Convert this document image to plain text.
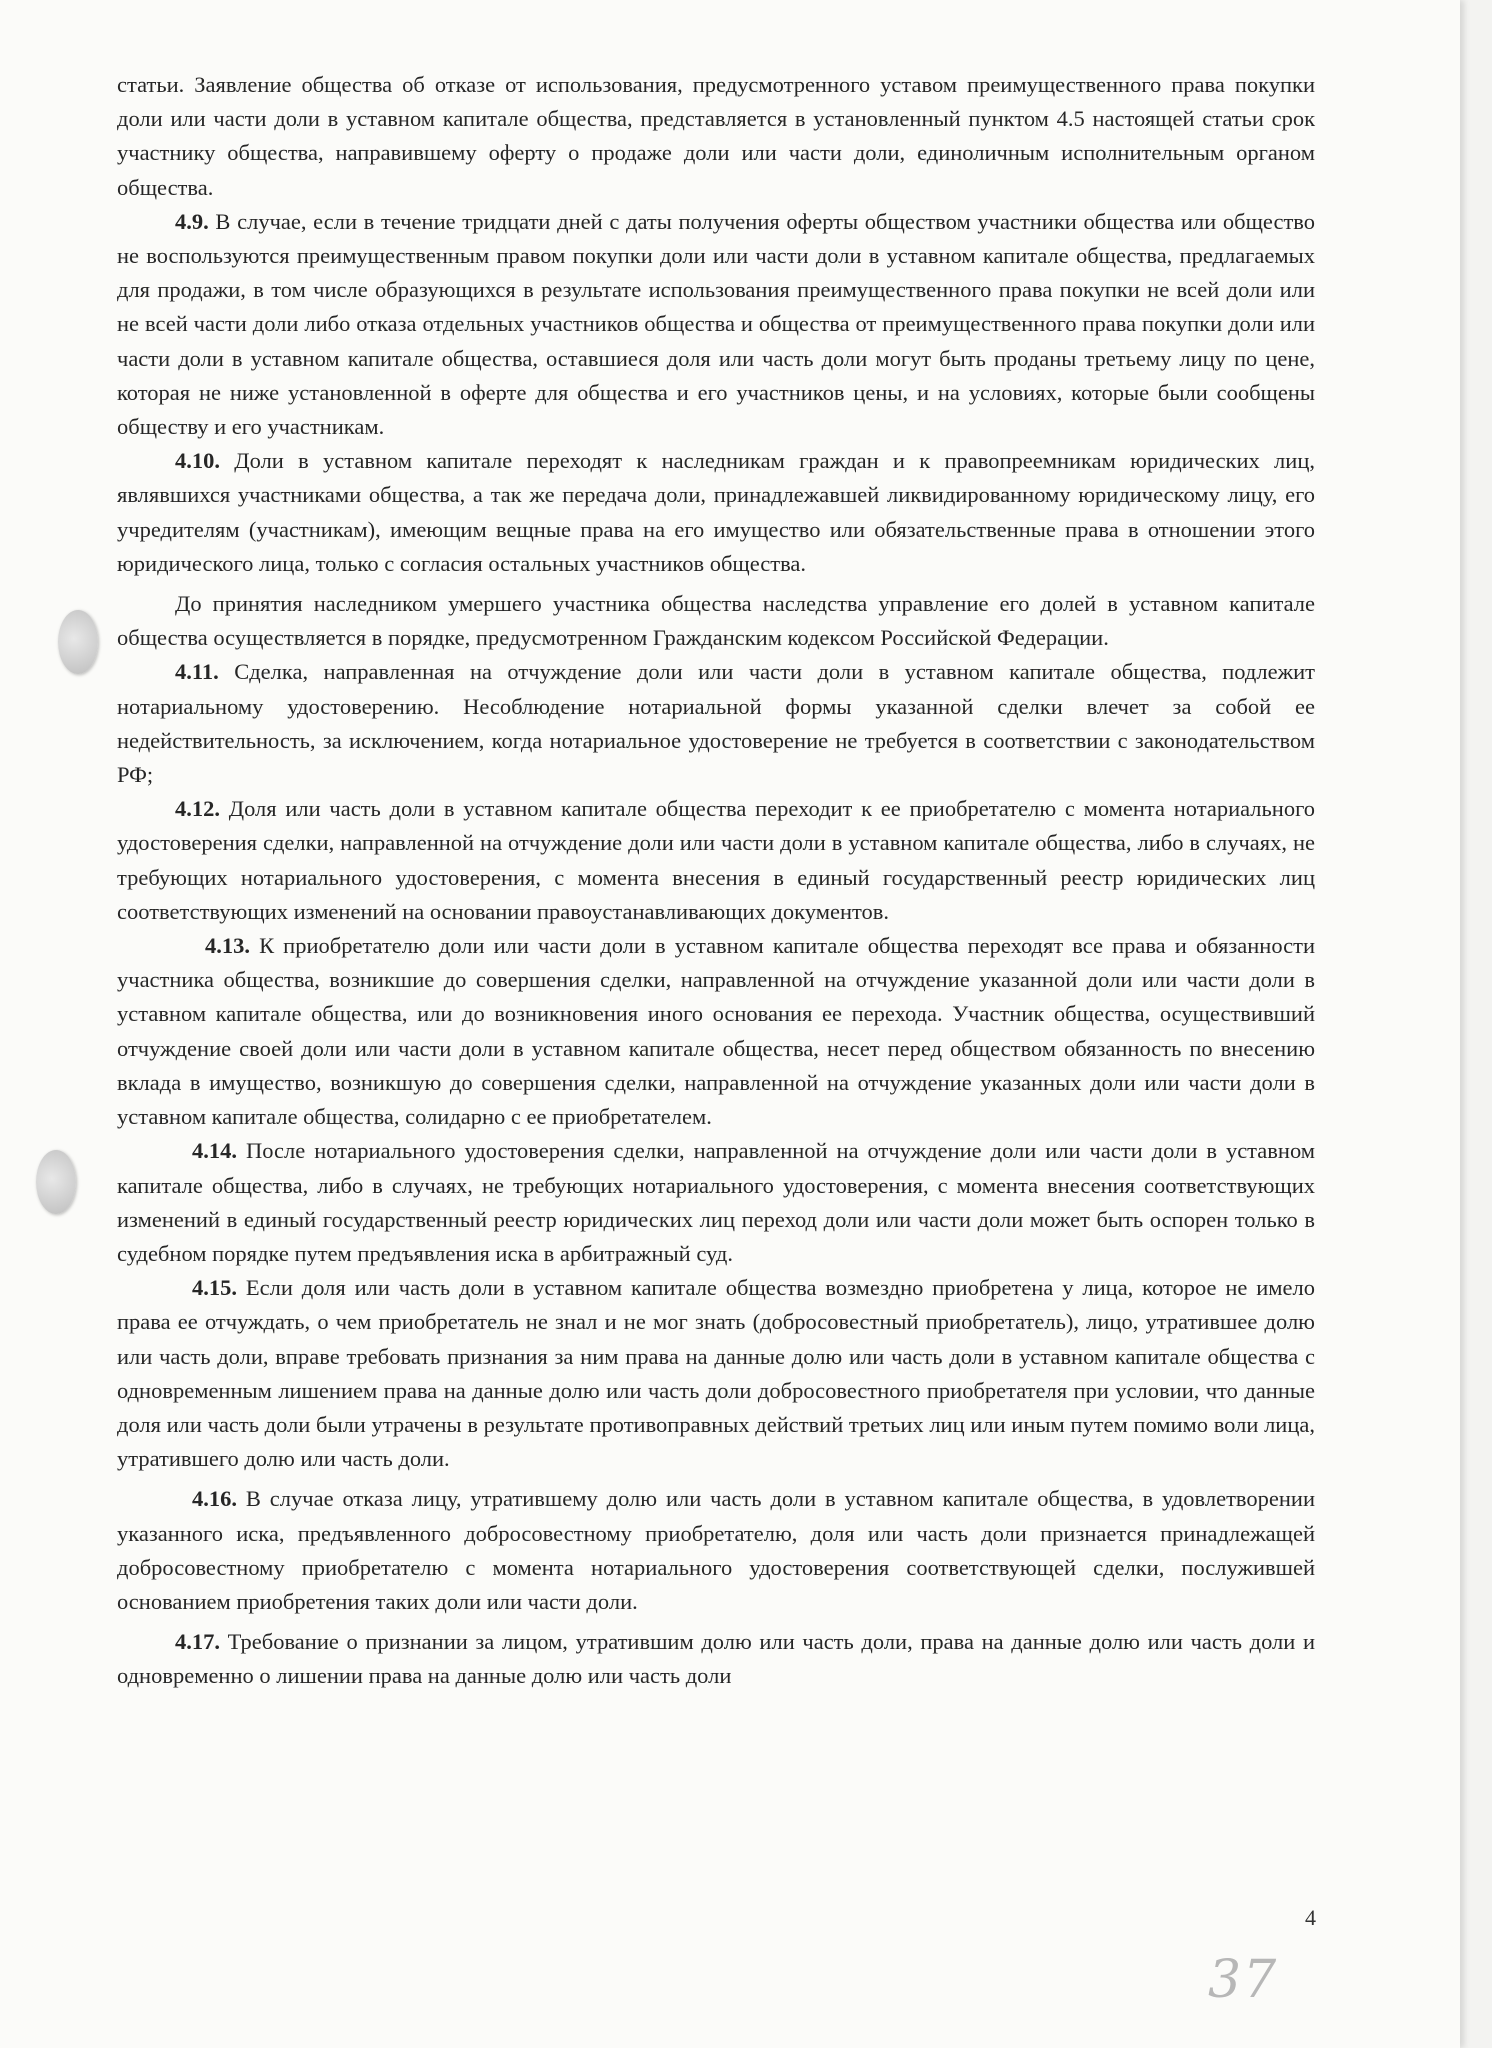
статьи. Заявление общества об отказе от использования, предусмотренного уставом преимущественного права покупки доли или части доли в уставном капитале общества, представляется в установленный пунктом 4.5 настоящей статьи срок участнику общества, направившему оферту о продаже доли или части доли, единоличным исполнительным органом общества.

4.9. В случае, если в течение тридцати дней с даты получения оферты обществом участники общества или общество не воспользуются преимущественным правом покупки доли или части доли в уставном капитале общества, предлагаемых для продажи, в том числе образующихся в результате использования преимущественного права покупки не всей доли или не всей части доли либо отказа отдельных участников общества и общества от преимущественного права покупки доли или части доли в уставном капитале общества, оставшиеся доля или часть доли могут быть проданы третьему лицу по цене, которая не ниже установленной в оферте для общества и его участников цены, и на условиях, которые были сообщены обществу и его участникам.

4.10. Доли в уставном капитале переходят к наследникам граждан и к правопреемникам юридических лиц, являвшихся участниками общества, а так же передача доли, принадлежавшей ликвидированному юридическому лицу, его учредителям (участникам), имеющим вещные права на его имущество или обязательственные права в отношении этого юридического лица, только с согласия остальных участников общества.

До принятия наследником умершего участника общества наследства управление его долей в уставном капитале общества осуществляется в порядке, предусмотренном Гражданским кодексом Российской Федерации.

4.11. Сделка, направленная на отчуждение доли или части доли в уставном капитале общества, подлежит нотариальному удостоверению. Несоблюдение нотариальной формы указанной сделки влечет за собой ее недействительность, за исключением, когда нотариальное удостоверение не требуется в соответствии с законодательством РФ;

4.12. Доля или часть доли в уставном капитале общества переходит к ее приобретателю с момента нотариального удостоверения сделки, направленной на отчуждение доли или части доли в уставном капитале общества, либо в случаях, не требующих нотариального удостоверения, с момента внесения в единый государственный реестр юридических лиц соответствующих изменений на основании правоустанавливающих документов.

4.13. К приобретателю доли или части доли в уставном капитале общества переходят все права и обязанности участника общества, возникшие до совершения сделки, направленной на отчуждение указанной доли или части доли в уставном капитале общества, или до возникновения иного основания ее перехода. Участник общества, осуществивший отчуждение своей доли или части доли в уставном капитале общества, несет перед обществом обязанность по внесению вклада в имущество, возникшую до совершения сделки, направленной на отчуждение указанных доли или части доли в уставном капитале общества, солидарно с ее приобретателем.

4.14. После нотариального удостоверения сделки, направленной на отчуждение доли или части доли в уставном капитале общества, либо в случаях, не требующих нотариального удостоверения, с момента внесения соответствующих изменений в единый государственный реестр юридических лиц переход доли или части доли может быть оспорен только в судебном порядке путем предъявления иска в арбитражный суд.

4.15. Если доля или часть доли в уставном капитале общества возмездно приобретена у лица, которое не имело права ее отчуждать, о чем приобретатель не знал и не мог знать (добросовестный приобретатель), лицо, утратившее долю или часть доли, вправе требовать признания за ним права на данные долю или часть доли в уставном капитале общества с одновременным лишением права на данные долю или часть доли добросовестного приобретателя при условии, что данные доля или часть доли были утрачены в результате противоправных действий третьих лиц или иным путем помимо воли лица, утратившего долю или часть доли.

4.16. В случае отказа лицу, утратившему долю или часть доли в уставном капитале общества, в удовлетворении указанного иска, предъявленного добросовестному приобретателю, доля или часть доли признается принадлежащей добросовестному приобретателю с момента нотариального удостоверения соответствующей сделки, послужившей основанием приобретения таких доли или части доли.

4.17. Требование о признании за лицом, утратившим долю или часть доли, права на данные долю или часть доли и одновременно о лишении права на данные долю или часть доли

4
37
